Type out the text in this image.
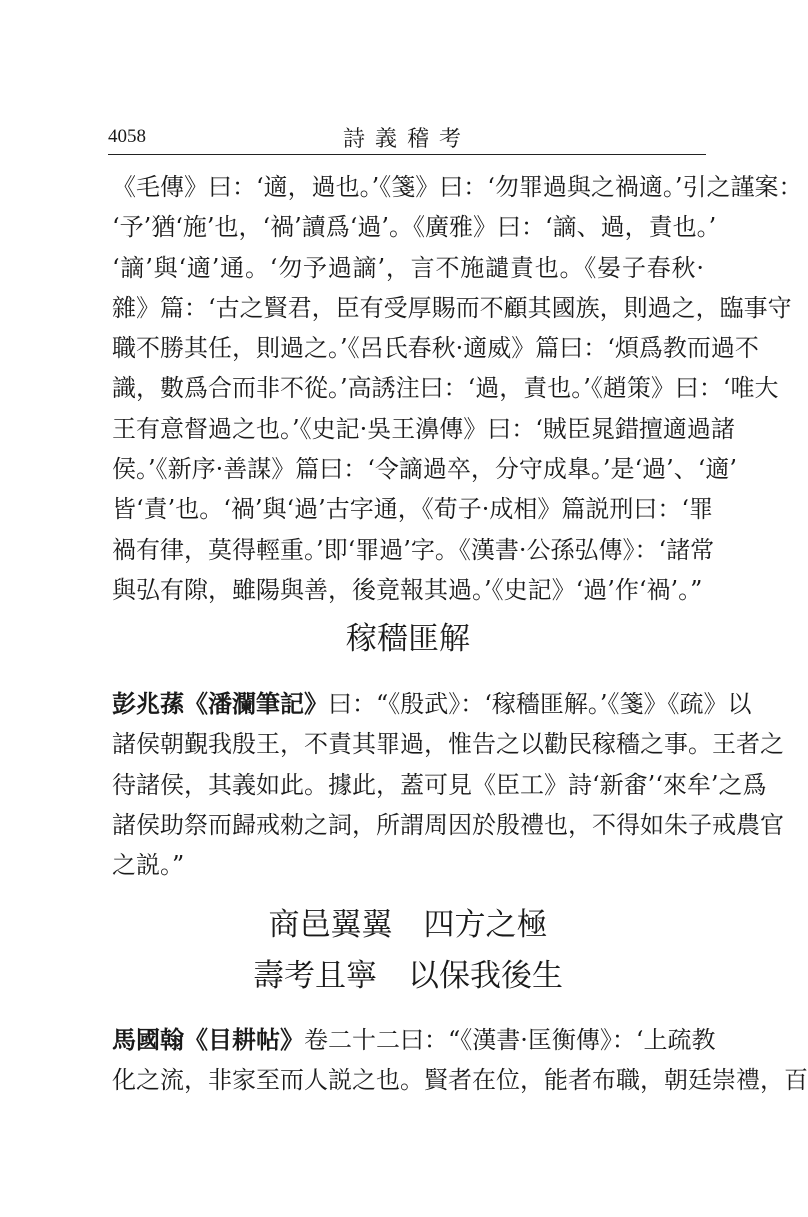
4058	詩義稽考
《毛傳》曰：‘適，過也。’《箋》曰：‘勿罪過與之禍適。’引之謹案：
‘予’猶‘施’也，‘禍’讀爲‘過’。《廣雅》曰：‘謫、過，責也。’
‘謫’與‘適’通。‘勿予過謫’，言不施譴責也。《晏子春秋·
雜》篇：‘古之賢君，臣有受厚賜而不顧其國族，則過之，臨事守
職不勝其任，則過之。’《呂氏春秋·適威》篇曰：‘煩爲教而過不
識，數爲合而非不從。’高誘注曰：‘過，責也。’《趙策》曰：‘唯大
王有意督過之也。’《史記·吳王濞傳》曰：‘賊臣晁錯擅適過諸
侯。’《新序·善謀》篇曰：‘令謫過卒，分守成臯。’是‘過’、‘適’
皆‘責’也。‘禍’與‘過’古字通，《荀子·成相》篇説刑曰：‘罪
禍有律，莫得輕重。’即‘罪過’字。《漢書·公孫弘傳》：‘諸常
與弘有隙，雖陽與善，後竟報其過。’《史記》‘過’作‘禍’。”
稼穡匪解
彭兆蓀《潘瀾筆記》曰：“《殷武》：‘稼穡匪解。’《箋》《疏》以
諸侯朝覲我殷王，不責其罪過，惟告之以勸民稼穡之事。王者之
待諸侯，其義如此。據此，蓋可見《臣工》詩‘新畬’‘來牟’之爲
諸侯助祭而歸戒勑之詞，所謂周因於殷禮也，不得如朱子戒農官
之説。”
商邑翼翼　四方之極
壽考且寧　以保我後生
馬國翰《目耕帖》卷二十二曰：“《漢書·匡衡傳》：‘上疏教
化之流，非家至而人説之也。賢者在位，能者布職，朝廷崇禮，百
